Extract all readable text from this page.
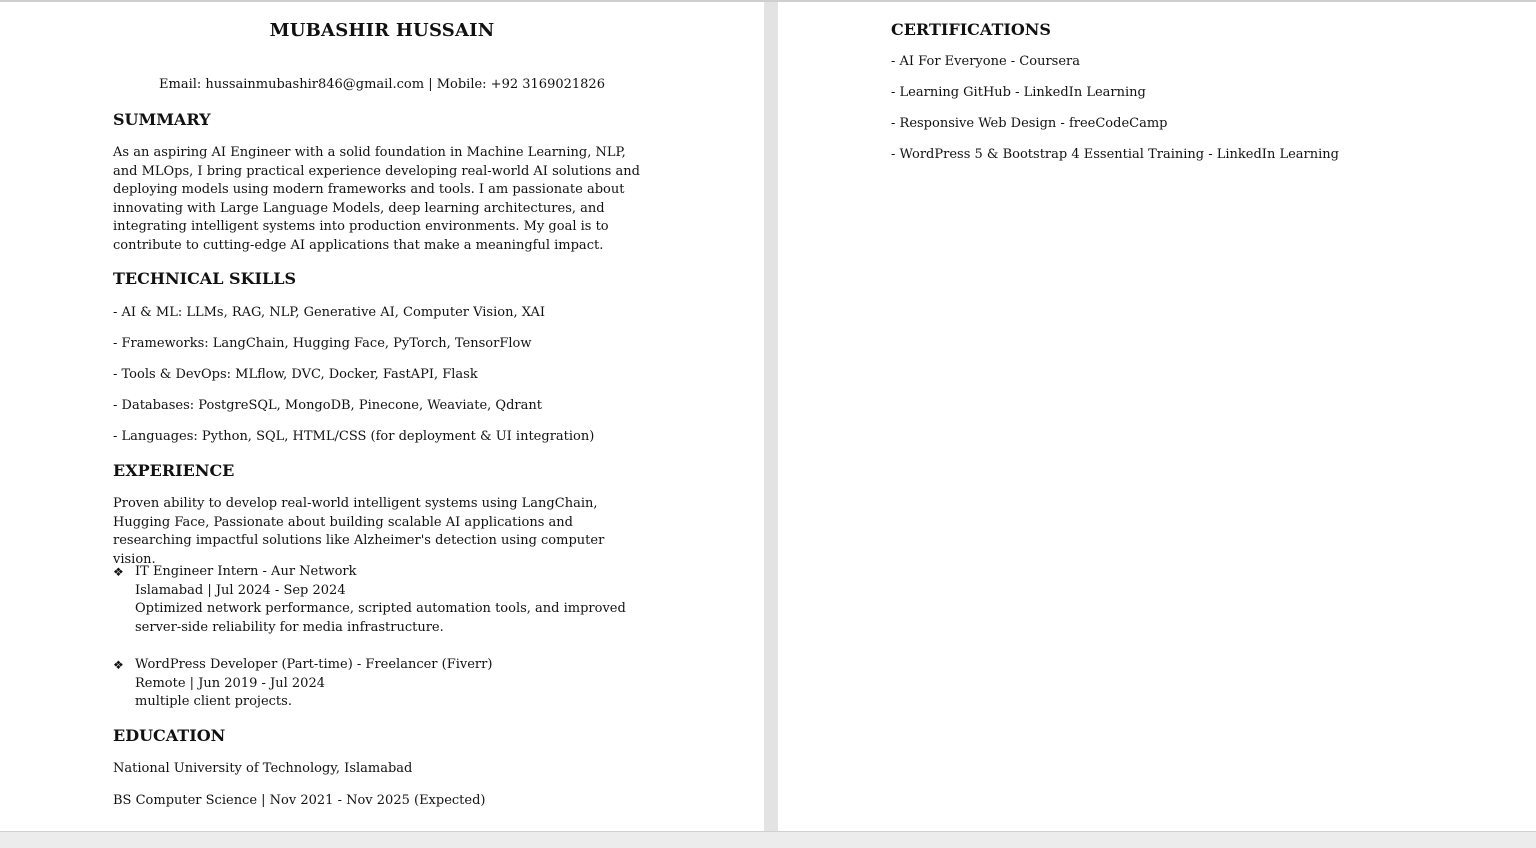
MUBASHIR HUSSAIN
Email: hussainmubashir846@gmail.com | Mobile: +92 3169021826
SUMMARY
As an aspiring AI Engineer with a solid foundation in Machine Learning, NLP, and MLOps, I bring practical experience developing real-world AI solutions and deploying models using modern frameworks and tools. I am passionate about innovating with Large Language Models, deep learning architectures, and integrating intelligent systems into production environments. My goal is to contribute to cutting-edge AI applications that make a meaningful impact.
TECHNICAL SKILLS
- AI & ML: LLMs, RAG, NLP, Generative AI, Computer Vision, XAI
- Frameworks: LangChain, Hugging Face, PyTorch, TensorFlow
- Tools & DevOps: MLflow, DVC, Docker, FastAPI, Flask
- Databases: PostgreSQL, MongoDB, Pinecone, Weaviate, Qdrant
- Languages: Python, SQL, HTML/CSS (for deployment & UI integration)
EXPERIENCE
Proven ability to develop real-world intelligent systems using LangChain, Hugging Face, Passionate about building scalable AI applications and researching impactful solutions like Alzheimer's detection using computer vision.
❖ IT Engineer Intern - Aur Network
Islamabad | Jul 2024 - Sep 2024
Optimized network performance, scripted automation tools, and improved server-side reliability for media infrastructure.
❖ WordPress Developer (Part-time) - Freelancer (Fiverr)
Remote | Jun 2019 - Jul 2024
multiple client projects.
EDUCATION
National University of Technology, Islamabad
BS Computer Science | Nov 2021 - Nov 2025 (Expected)
CERTIFICATIONS
- AI For Everyone - Coursera
- Learning GitHub - LinkedIn Learning
- Responsive Web Design - freeCodeCamp
- WordPress 5 & Bootstrap 4 Essential Training - LinkedIn Learning
